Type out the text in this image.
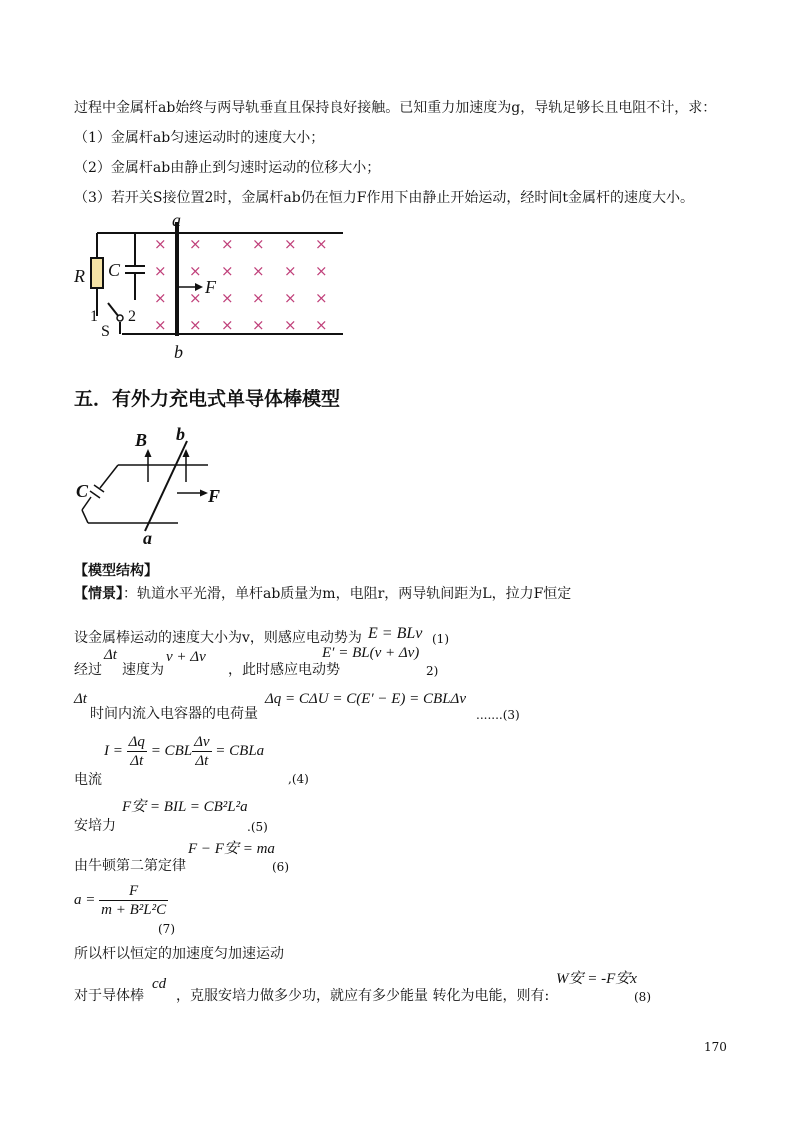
过程中金属杆ab始终与两导轨垂直且保持良好接触。已知重力加速度为g，导轨足够长且电阻不计，求：
（1）金属杆ab匀速运动时的速度大小；
（2）金属杆ab由静止到匀速时运动的位移大小；
（3）若开关S接位置2时，金属杆ab仍在恒力F作用下由静止开始运动，经时间t金属杆的速度大小。
a
b
R C
F
1 2
S
× × × × × ×
× × × × × ×
× × × × × ×
× × × × × ×
五．有外力充电式单导体棒模型
B b
C	F
a
【模型结构】
【情景】：轨道水平光滑，单杆ab质量为m，电阻r，两导轨间距为L，拉力F恒定
设金属棒运动的速度大小为v，则感应电动势为 E = BLv (1)
经过
Δt
速度为
v + Δv
，此时感应电动势
E′ = BL(v + Δv)
2)
Δt
时间内流入电容器的电荷量
Δq = CΔU = C(E′ − E) = CBLΔv
.......(3)
$I = \frac{\Delta q}{\Delta t}$ = CBL $\frac{\Delta v}{\Delta t}$ = CBLa
电流	,(4)
F安 = BIL = CB²L²a
安培力	.(5)
F − F安 = ma
由牛顿第二第定律	(6)
$a = \frac{F}{\text{m + B²L²C}}$
(7)
所以杆以恒定的加速度匀加速运动
对于导体棒
cd
，克服安培力做多少功，就应有多少能量 转化为电能，则有:
W安 = -F安x
(8)
170
